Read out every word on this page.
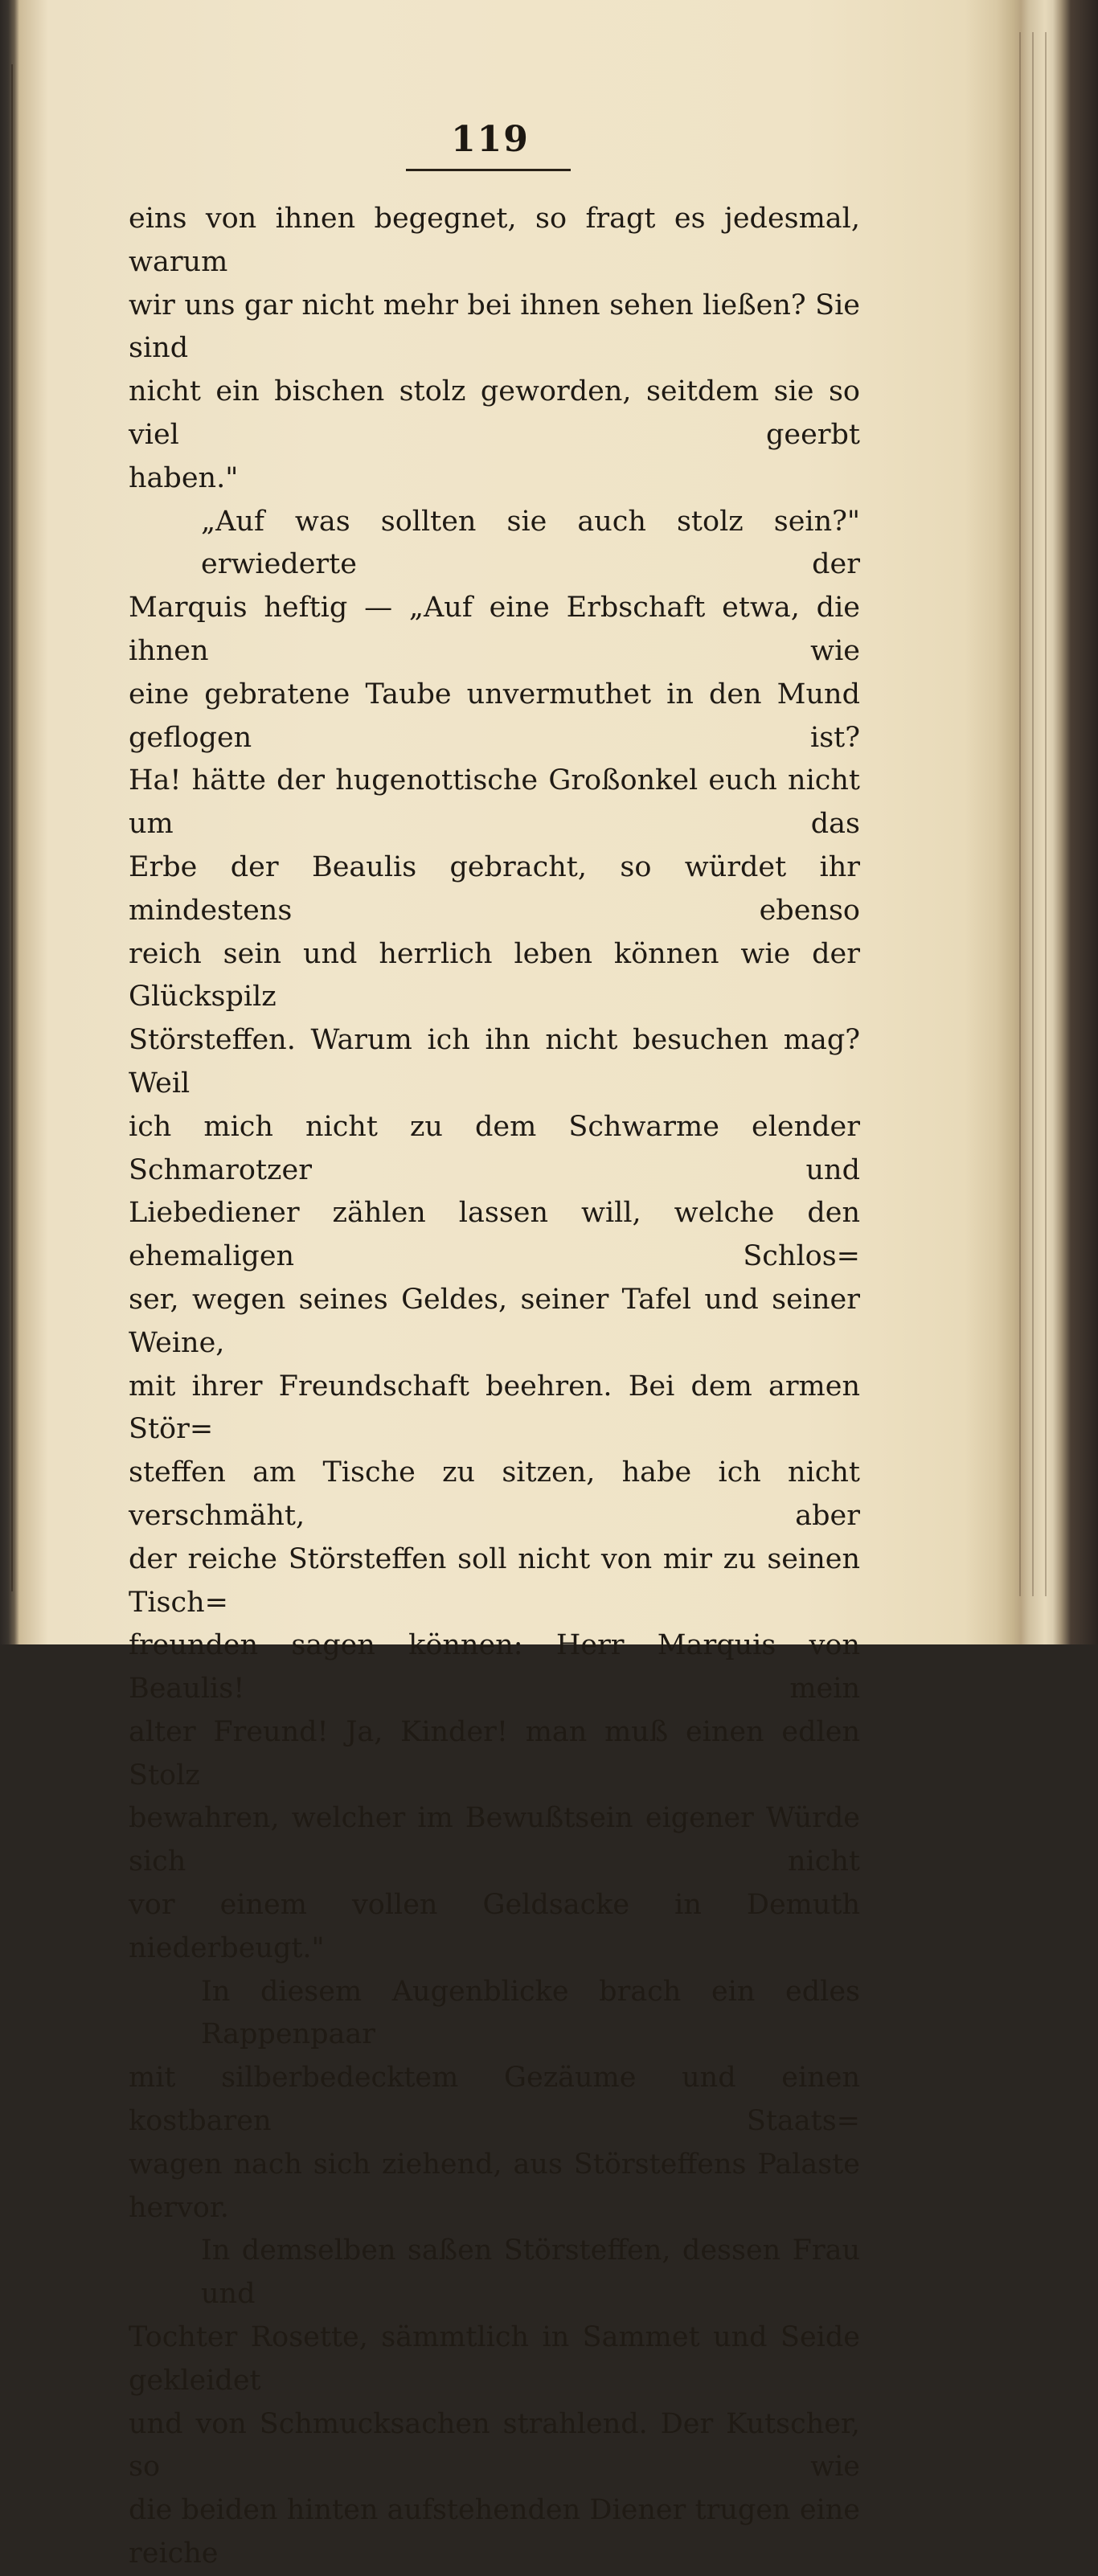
119

eins von ihnen begegnet, so fragt es jedesmal, warum

wir uns gar nicht mehr bei ihnen sehen ließen? Sie sind

nicht ein bischen stolz geworden, seitdem sie so viel geerbt

haben."

„Auf was sollten sie auch stolz sein?" erwiederte der

Marquis heftig — „Auf eine Erbschaft etwa, die ihnen wie

eine gebratene Taube unvermuthet in den Mund geflogen ist?

Ha! hätte der hugenottische Großonkel euch nicht um das

Erbe der Beaulis gebracht, so würdet ihr mindestens ebenso

reich sein und herrlich leben können wie der Glückspilz

Störsteffen. Warum ich ihn nicht besuchen mag? Weil

ich mich nicht zu dem Schwarme elender Schmarotzer und

Liebediener zählen lassen will, welche den ehemaligen Schlos=

ser, wegen seines Geldes, seiner Tafel und seiner Weine,

mit ihrer Freundschaft beehren. Bei dem armen Stör=

steffen am Tische zu sitzen, habe ich nicht verschmäht, aber

der reiche Störsteffen soll nicht von mir zu seinen Tisch=

freunden sagen können: Herr Marquis von Beaulis! mein

alter Freund! Ja, Kinder! man muß einen edlen Stolz

bewahren, welcher im Bewußtsein eigener Würde sich nicht

vor einem vollen Geldsacke in Demuth niederbeugt."

In diesem Augenblicke brach ein edles Rappenpaar

mit silberbedecktem Gezäume und einen kostbaren Staats=

wagen nach sich ziehend, aus Störsteffens Palaste hervor.

In demselben saßen Störsteffen, dessen Frau und

Tochter Rosette, sämmtlich in Sammet und Seide gekleidet

und von Schmucksachen strahlend. Der Kutscher, so wie

die beiden hinten aufstehenden Diener trugen eine reiche
